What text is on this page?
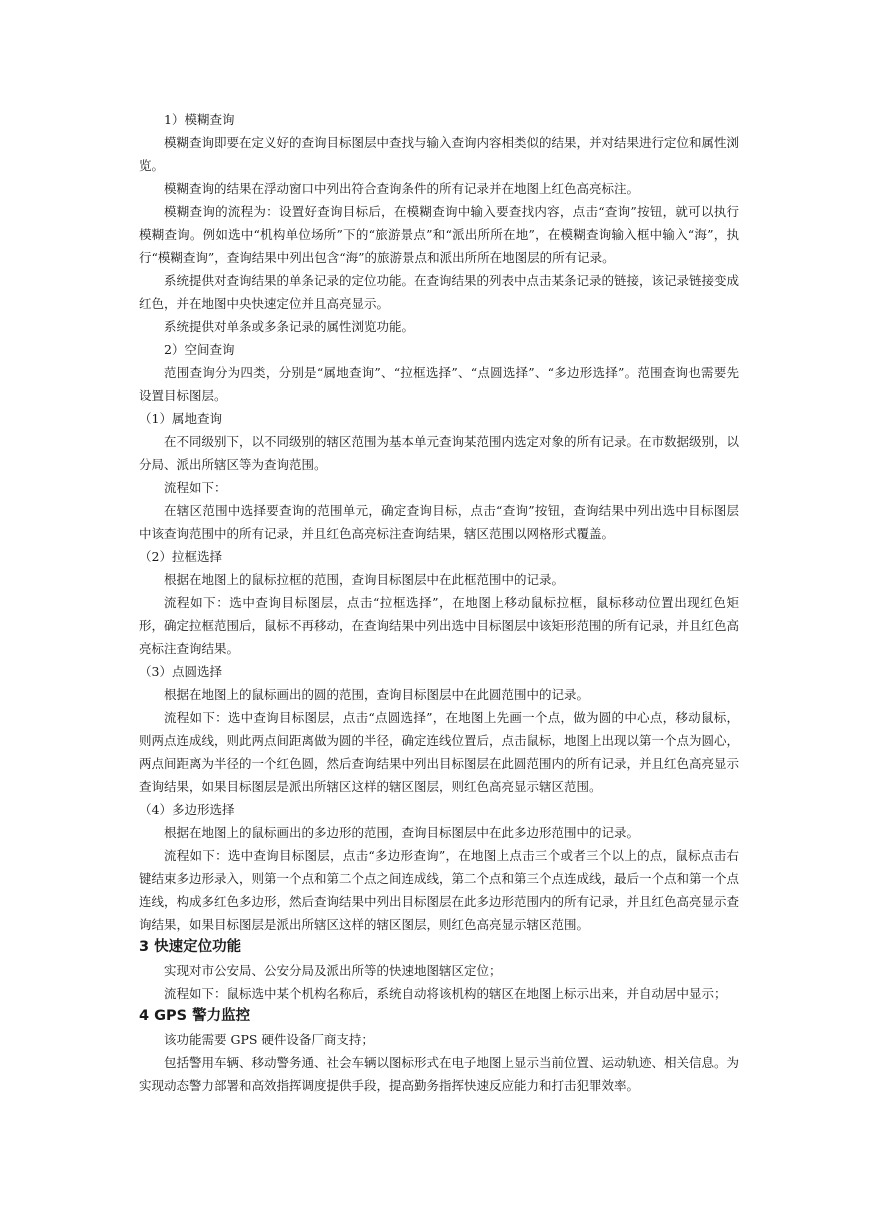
1）模糊查询

模糊查询即要在定义好的查询目标图层中查找与输入查询内容相类似的结果，并对结果进行定位和属性浏览。

模糊查询的结果在浮动窗口中列出符合查询条件的所有记录并在地图上红色高亮标注。

模糊查询的流程为：设置好查询目标后，在模糊查询中输入要查找内容，点击“查询”按钮，就可以执行模糊查询。例如选中“机构单位场所”下的“旅游景点”和“派出所所在地”，在模糊查询输入框中输入“海”，执行“模糊查询”，查询结果中列出包含“海”的旅游景点和派出所所在地图层的所有记录。

系统提供对查询结果的单条记录的定位功能。在查询结果的列表中点击某条记录的链接，该记录链接变成红色，并在地图中央快速定位并且高亮显示。

系统提供对单条或多条记录的属性浏览功能。

2）空间查询

范围查询分为四类，分别是“属地查询”、“拉框选择”、“点圆选择”、“多边形选择”。范围查询也需要先设置目标图层。

（1）属地查询

在不同级别下，以不同级别的辖区范围为基本单元查询某范围内选定对象的所有记录。在市数据级别，以分局、派出所辖区等为查询范围。

流程如下：

在辖区范围中选择要查询的范围单元，确定查询目标，点击“查询”按钮，查询结果中列出选中目标图层中该查询范围中的所有记录，并且红色高亮标注查询结果，辖区范围以网格形式覆盖。

（2）拉框选择

根据在地图上的鼠标拉框的范围，查询目标图层中在此框范围中的记录。

流程如下：选中查询目标图层，点击“拉框选择”，在地图上移动鼠标拉框，鼠标移动位置出现红色矩形，确定拉框范围后，鼠标不再移动，在查询结果中列出选中目标图层中该矩形范围的所有记录，并且红色高亮标注查询结果。

（3）点圆选择

根据在地图上的鼠标画出的圆的范围，查询目标图层中在此圆范围中的记录。

流程如下：选中查询目标图层，点击“点圆选择”，在地图上先画一个点，做为圆的中心点，移动鼠标，则两点连成线，则此两点间距离做为圆的半径，确定连线位置后，点击鼠标，地图上出现以第一个点为圆心，两点间距离为半径的一个红色圆，然后查询结果中列出目标图层在此圆范围内的所有记录，并且红色高亮显示查询结果，如果目标图层是派出所辖区这样的辖区图层，则红色高亮显示辖区范围。

（4）多边形选择

根据在地图上的鼠标画出的多边形的范围，查询目标图层中在此多边形范围中的记录。

流程如下：选中查询目标图层，点击“多边形查询”，在地图上点击三个或者三个以上的点，鼠标点击右键结束多边形录入，则第一个点和第二个点之间连成线，第二个点和第三个点连成线，最后一个点和第一个点连线，构成多红色多边形，然后查询结果中列出目标图层在此多边形范围内的所有记录，并且红色高亮显示查询结果，如果目标图层是派出所辖区这样的辖区图层，则红色高亮显示辖区范围。

3 快速定位功能

实现对市公安局、公安分局及派出所等的快速地图辖区定位；

流程如下：鼠标选中某个机构名称后，系统自动将该机构的辖区在地图上标示出来，并自动居中显示；

4 GPS 警力监控

该功能需要 GPS 硬件设备厂商支持；

包括警用车辆、移动警务通、社会车辆以图标形式在电子地图上显示当前位置、运动轨迹、相关信息。为实现动态警力部署和高效指挥调度提供手段，提高勤务指挥快速反应能力和打击犯罪效率。
